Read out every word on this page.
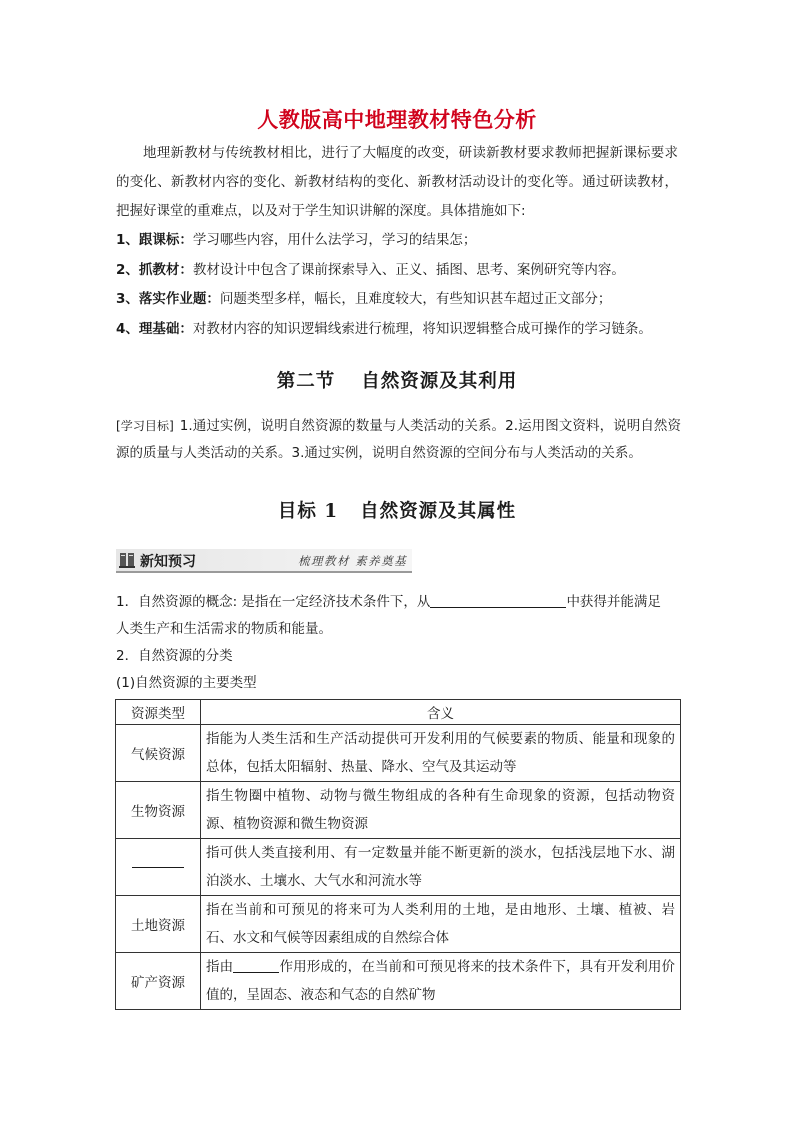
人教版高中地理教材特色分析
地理新教材与传统教材相比，进行了大幅度的改变，研读新教材要求教师把握新课标要求的变化、新教材内容的变化、新教材结构的变化、新教材活动设计的变化等。通过研读教材，把握好课堂的重难点，以及对于学生知识讲解的深度。具体措施如下:
1、跟课标：学习哪些内容，用什么法学习，学习的结果怎；
2、抓教材：教材设计中包含了课前探索导入、正义、插图、思考、案例研究等内容。
3、落实作业题：问题类型多样，幅长，且难度较大，有些知识甚车超过正文部分；
4、理基础：对教材内容的知识逻辑线索进行梳理，将知识逻辑整合成可操作的学习链条。
第二节 自然资源及其利用
[学习目标] 1.通过实例，说明自然资源的数量与人类活动的关系。2.运用图文资料，说明自然资源的质量与人类活动的关系。3.通过实例，说明自然资源的空间分布与人类活动的关系。
目标 1 自然资源及其属性
新知预习	梳理教材 素养奠基
1．自然资源的概念: 是指在一定经济技术条件下，从	中获得并能满足
人类生产和生活需求的物质和能量。
2．自然资源的分类
(1)自然资源的主要类型
资源类型	含义
气候资源	指能为人类生活和生产活动提供可开发利用的气候要素的物质、能量和现象的总体，包括太阳辐射、热量、降水、空气及其运动等
生物资源	指生物圈中植物、动物与微生物组成的各种有生命现象的资源，包括动物资源、植物资源和微生物资源
	指可供人类直接利用、有一定数量并能不断更新的淡水，包括浅层地下水、湖泊淡水、土壤水、大气水和河流水等
土地资源	指在当前和可预见的将来可为人类利用的土地，是由地形、土壤、植被、岩石、水文和气候等因素组成的自然综合体
矿产资源	指由 作用形成的，在当前和可预见将来的技术条件下，具有开发利用价值的，呈固态、液态和气态的自然矿物
